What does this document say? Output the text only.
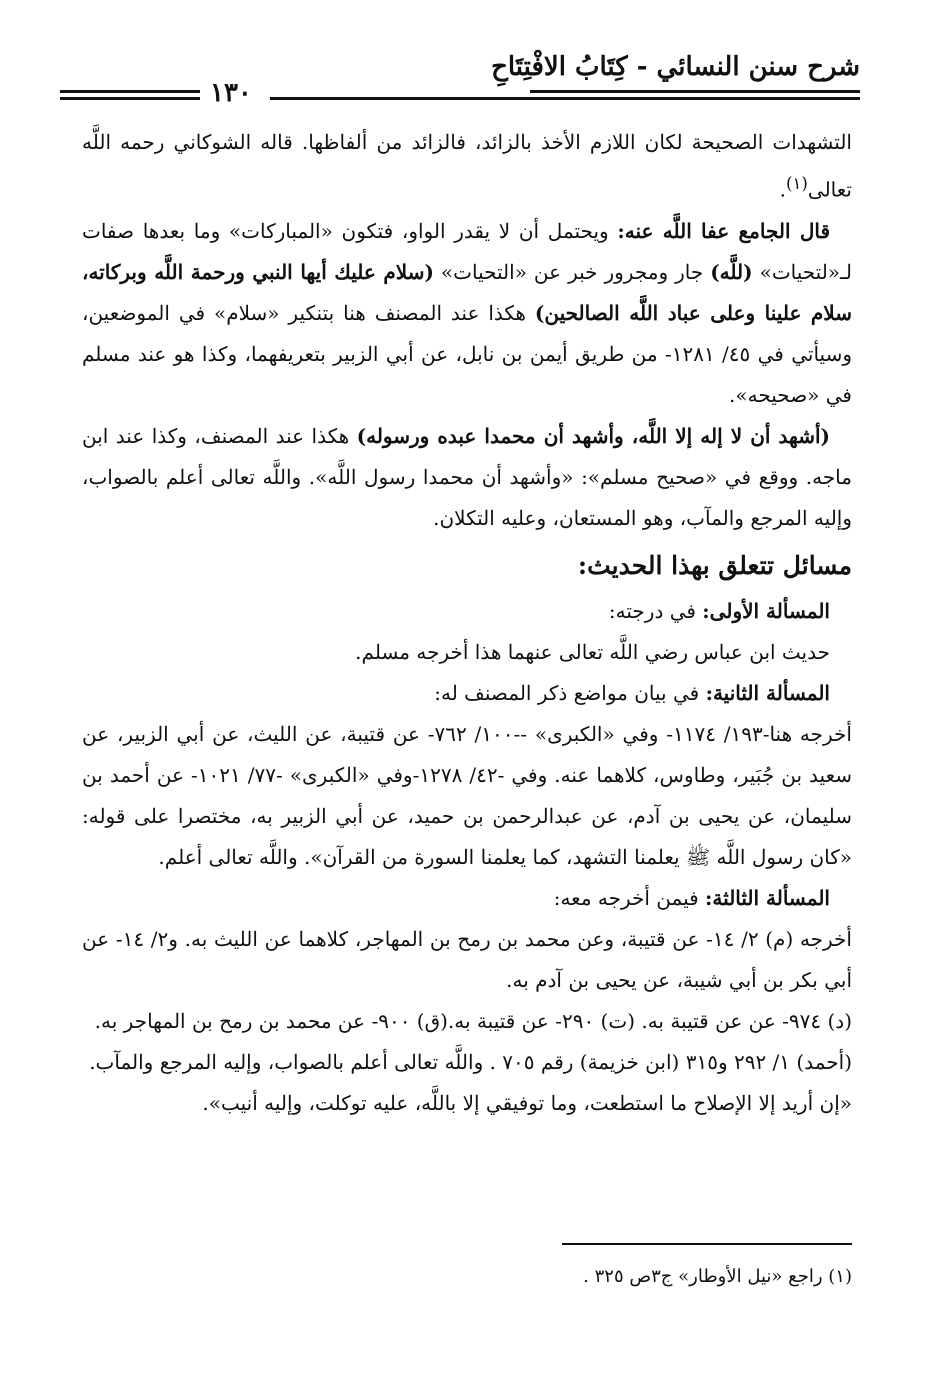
شرح سنن النسائي - كِتَابُ الافْتِتَاحِ
١٣٠

التشهدات الصحيحة لكان اللازم الأخذ بالزائد، فالزائد من ألفاظها. قاله الشوكاني رحمه اللَّه تعالى$^{(١)}$.

قال الجامع عفا اللَّه عنه: ويحتمل أن لا يقدر الواو، فتكون «المباركات» وما بعدها صفات لـ«لتحيات» (للَّه) جار ومجرور خبر عن «التحيات» (سلام عليك أيها النبي ورحمة اللَّه وبركاته، سلام علينا وعلى عباد اللَّه الصالحين) هكذا عند المصنف هنا بتنكير «سلام» في الموضعين، وسيأتي في ٤٥/ ١٢٨١- من طريق أيمن بن نابل، عن أبي الزبير بتعريفهما، وكذا هو عند مسلم في «صحيحه».

(أشهد أن لا إله إلا اللَّه، وأشهد أن محمدا عبده ورسوله) هكذا عند المصنف، وكذا عند ابن ماجه. ووقع في «صحيح مسلم»: «وأشهد أن محمدا رسول اللَّه». واللَّه تعالى أعلم بالصواب، وإليه المرجع والمآب، وهو المستعان، وعليه التكلان.

مسائل تتعلق بهذا الحديث:

المسألة الأولى: في درجته:

حديث ابن عباس رضي اللَّه تعالى عنهما هذا أخرجه مسلم.

المسألة الثانية: في بيان مواضع ذكر المصنف له:

أخرجه هنا-١٩٣/ ١١٧٤- وفي «الكبرى» --١٠٠/ ٧٦٢- عن قتيبة، عن الليث، عن أبي الزبير، عن سعيد بن جُبَير، وطاوس، كلاهما عنه. وفي -٤٢/ ١٢٧٨-وفي «الكبرى» -٧٧/ ١٠٢١- عن أحمد بن سليمان، عن يحيى بن آدم، عن عبدالرحمن بن حميد، عن أبي الزبير به، مختصرا على قوله: «كان رسول اللَّه ﷺ يعلمنا التشهد، كما يعلمنا السورة من القرآن». واللَّه تعالى أعلم.

المسألة الثالثة: فيمن أخرجه معه:

أخرجه (م) ٢/ ١٤- عن قتيبة، وعن محمد بن رمح بن المهاجر، كلاهما عن الليث به. و٢/ ١٤- عن أبي بكر بن أبي شيبة، عن يحيى بن آدم به.

(د) ٩٧٤- عن عن قتيبة به. (ت) ٢٩٠- عن قتيبة به.(ق) ٩٠٠- عن محمد بن رمح بن المهاجر به.

(أحمد) ١/ ٢٩٢ و٣١٥ (ابن خزيمة) رقم ٧٠٥ . واللَّه تعالى أعلم بالصواب، وإليه المرجع والمآب.

«إن أريد إلا الإصلاح ما استطعت، وما توفيقي إلا باللَّه، عليه توكلت، وإليه أنيب».

(١) راجع «نيل الأوطار» ج٣ص ٣٢٥ .
